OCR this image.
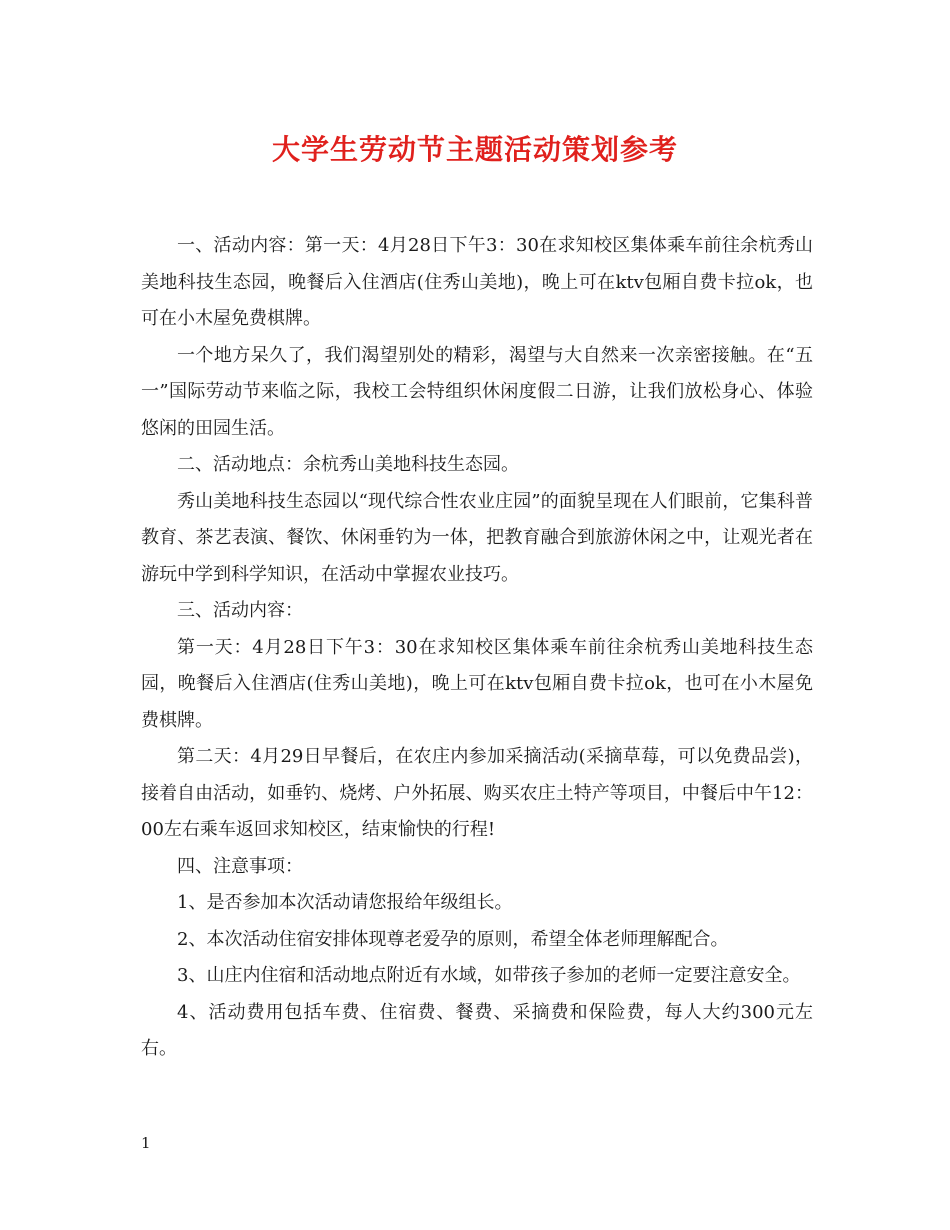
大学生劳动节主题活动策划参考

一、活动内容：第一天：4月28日下午3：30在求知校区集体乘车前往余杭秀山美地科技生态园，晚餐后入住酒店(住秀山美地)，晚上可在ktv包厢自费卡拉ok，也可在小木屋免费棋牌。

一个地方呆久了，我们渴望别处的精彩，渴望与大自然来一次亲密接触。在“五一”国际劳动节来临之际，我校工会特组织休闲度假二日游，让我们放松身心、体验悠闲的田园生活。

二、活动地点：余杭秀山美地科技生态园。

秀山美地科技生态园以“现代综合性农业庄园”的面貌呈现在人们眼前，它集科普教育、茶艺表演、餐饮、休闲垂钓为一体，把教育融合到旅游休闲之中，让观光者在游玩中学到科学知识，在活动中掌握农业技巧。

三、活动内容：

第一天：4月28日下午3：30在求知校区集体乘车前往余杭秀山美地科技生态园，晚餐后入住酒店(住秀山美地)，晚上可在ktv包厢自费卡拉ok，也可在小木屋免费棋牌。

第二天：4月29日早餐后，在农庄内参加采摘活动(采摘草莓，可以免费品尝)，接着自由活动，如垂钓、烧烤、户外拓展、购买农庄土特产等项目，中餐后中午12：00左右乘车返回求知校区，结束愉快的行程!

四、注意事项：

1、是否参加本次活动请您报给年级组长。

2、本次活动住宿安排体现尊老爱孕的原则，希望全体老师理解配合。

3、山庄内住宿和活动地点附近有水域，如带孩子参加的老师一定要注意安全。

4、活动费用包括车费、住宿费、餐费、采摘费和保险费，每人大约300元左右。

1
